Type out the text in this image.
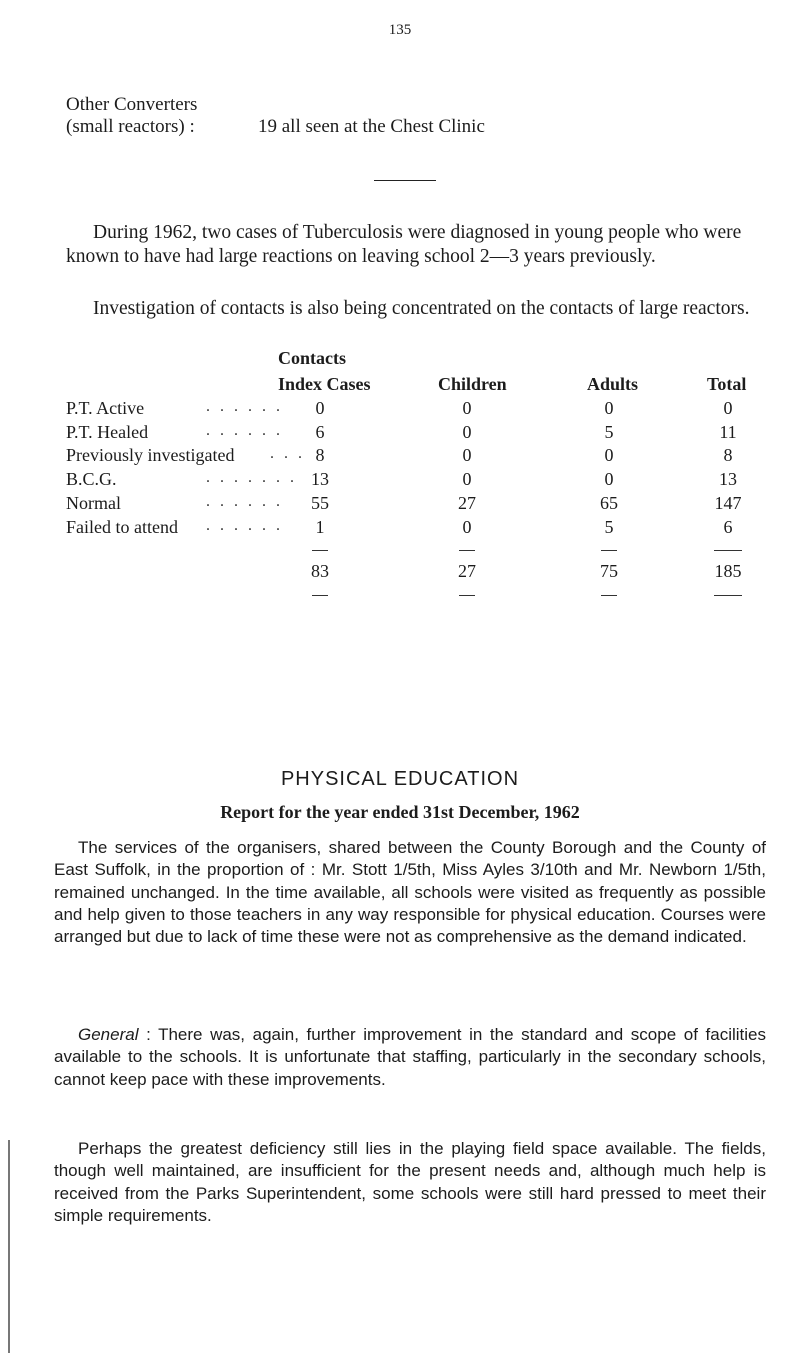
135
Other Converters
(small reactors) :	19 all seen at the Chest Clinic

During 1962, two cases of Tuberculosis were diagnosed in young people who were known to have had large reactions on leaving school 2—3 years previously.

Investigation of contacts is also being concentrated on the contacts of large reactors.

Contacts
Index Cases	Children	Adults	Total
P.T. Active	. . . . . .	0	0	0	0
P.T. Healed	. . . . . .	6	0	5	11
Previously investigated . . . 8	0	0	8
B.C.G.	. . . . . . . 13	0	0	13
Normal	. . . . . .	55	27	65	147
Failed to attend . . . . . .	1	0	5	6
83	27	75	185
PHYSICAL EDUCATION
Report for the year ended 31st December, 1962

The services of the organisers, shared between the County Borough and the County of East Suffolk, in the proportion of : Mr. Stott 1/5th, Miss Ayles 3/10th and Mr. Newborn 1/5th, remained unchanged. In the time available, all schools were visited as frequently as possible and help given to those teachers in any way responsible for physical education. Courses were arranged but due to lack of time these were not as comprehensive as the demand indicated.

General : There was, again, further improvement in the standard and scope of facilities available to the schools. It is unfortunate that staffing, particularly in the secondary schools, cannot keep pace with these improvements.

Perhaps the greatest deficiency still lies in the playing field space available. The fields, though well maintained, are insufficient for the present needs and, although much help is received from the Parks Superintendent, some schools were still hard pressed to meet their simple requirements.
